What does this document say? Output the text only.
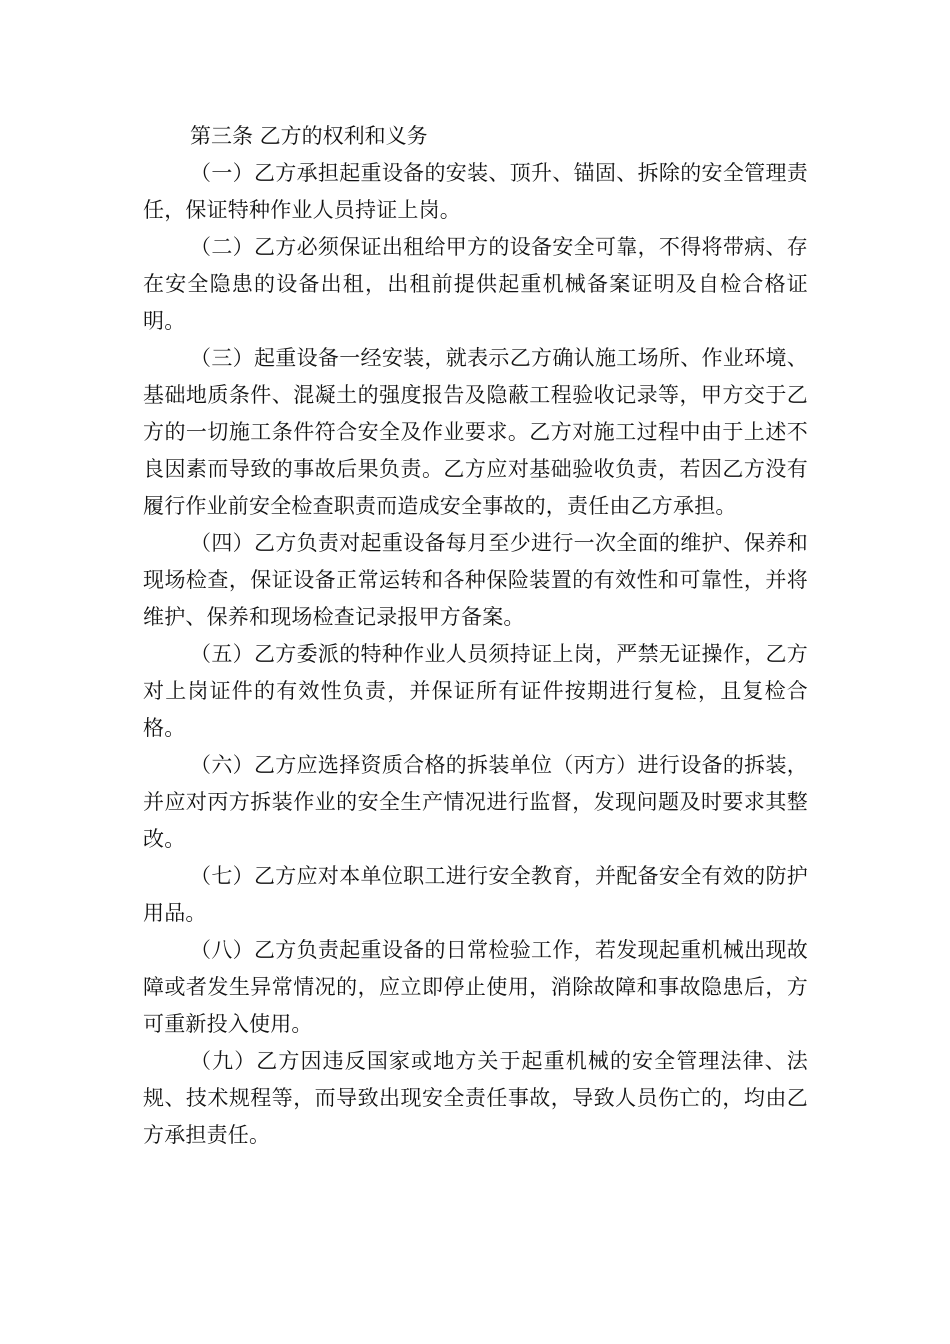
第三条 乙方的权利和义务

（一）乙方承担起重设备的安装、顶升、锚固、拆除的安全管理责任，保证特种作业人员持证上岗。

（二）乙方必须保证出租给甲方的设备安全可靠，不得将带病、存在安全隐患的设备出租，出租前提供起重机械备案证明及自检合格证明。

（三）起重设备一经安装，就表示乙方确认施工场所、作业环境、基础地质条件、混凝土的强度报告及隐蔽工程验收记录等，甲方交于乙方的一切施工条件符合安全及作业要求。乙方对施工过程中由于上述不良因素而导致的事故后果负责。乙方应对基础验收负责，若因乙方没有履行作业前安全检查职责而造成安全事故的，责任由乙方承担。

（四）乙方负责对起重设备每月至少进行一次全面的维护、保养和现场检查，保证设备正常运转和各种保险装置的有效性和可靠性，并将维护、保养和现场检查记录报甲方备案。

（五）乙方委派的特种作业人员须持证上岗，严禁无证操作，乙方对上岗证件的有效性负责，并保证所有证件按期进行复检，且复检合格。

（六）乙方应选择资质合格的拆装单位（丙方）进行设备的拆装，并应对丙方拆装作业的安全生产情况进行监督，发现问题及时要求其整改。

（七）乙方应对本单位职工进行安全教育，并配备安全有效的防护用品。

（八）乙方负责起重设备的日常检验工作，若发现起重机械出现故障或者发生异常情况的，应立即停止使用，消除故障和事故隐患后，方可重新投入使用。

（九）乙方因违反国家或地方关于起重机械的安全管理法律、法规、技术规程等，而导致出现安全责任事故，导致人员伤亡的，均由乙方承担责任。
